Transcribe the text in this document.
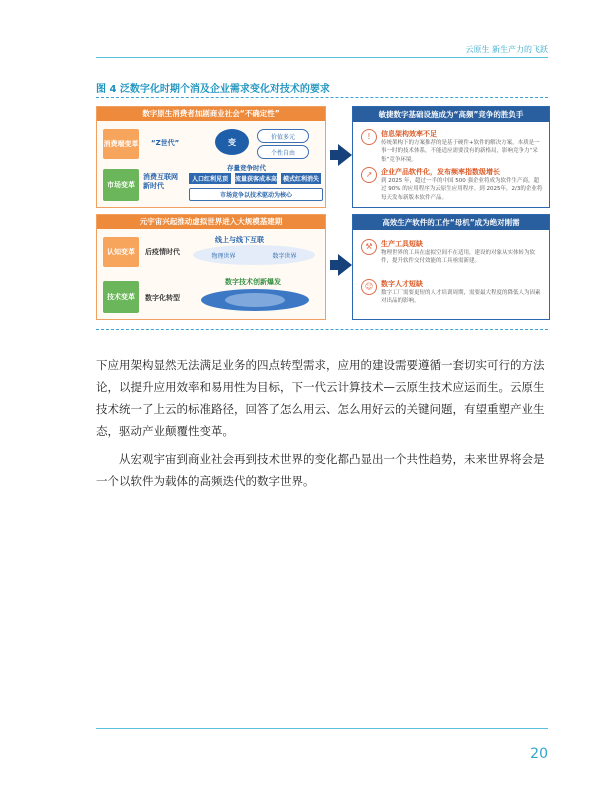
云原生 新生产力的飞跃
图 4 泛数字化时期个消及企业需求变化对技术的要求
数字原生消费者加剧商业社会“不确定性”
消费端变革 “Z世代”	变
价值多元
个性自由
市场变革
消费互联网新时代
存量竞争时代
人口红利见顶	流量获客成本高 模式红利消失
市场竞争以技术驱动为核心
元宇宙兴起推动虚拟世界进入大规模基建期
认知变革	后疫情时代
线上与线下互联
物理世界	数字世界
技术变革	数字化转型
数字技术创新爆发
敏捷数字基础设施成为“高频”竞争的胜负手
!	信息架构效率不足
传统架构下的方案推荐的是基于硬件+软件的解决方案，本质是一事一时的技术体系，不能适应需要没有的新格局，影响竞争力“采集”竞争环境。
↗	企业产品软件化，发布频率指数级增长
到 2025 年，超过一半的中国 500 强企业将成为软件生产商，超过 90% 的应用程序为云原生应用程序。到 2025年，2/3的企业将每天发布新版本软件产品。
高效生产软件的工作“母机”成为绝对刚需
⚒	生产工具短缺
物理世界的工具在虚拟空间不在适用，建设的对象从实体转为软件，提升软件交付效能的工具亟需新建。
☺	数字人才短缺
数字工厂需要更短的人才培训周期，需要最大程度的降低人为因素对出品的影响。
下应用架构显然无法满足业务的四点转型需求，应用的建设需要遵循一套切实可行的方法论，以提升应用效率和易用性为目标，下一代云计算技术—云原生技术应运而生。云原生技术统一了上云的标准路径，回答了怎么用云、怎么用好云的关键问题，有望重塑产业生态，驱动产业颠覆性变革。
从宏观宇宙到商业社会再到技术世界的变化都凸显出一个共性趋势，未来世界将会是一个以软件为载体的高频迭代的数字世界。
20
